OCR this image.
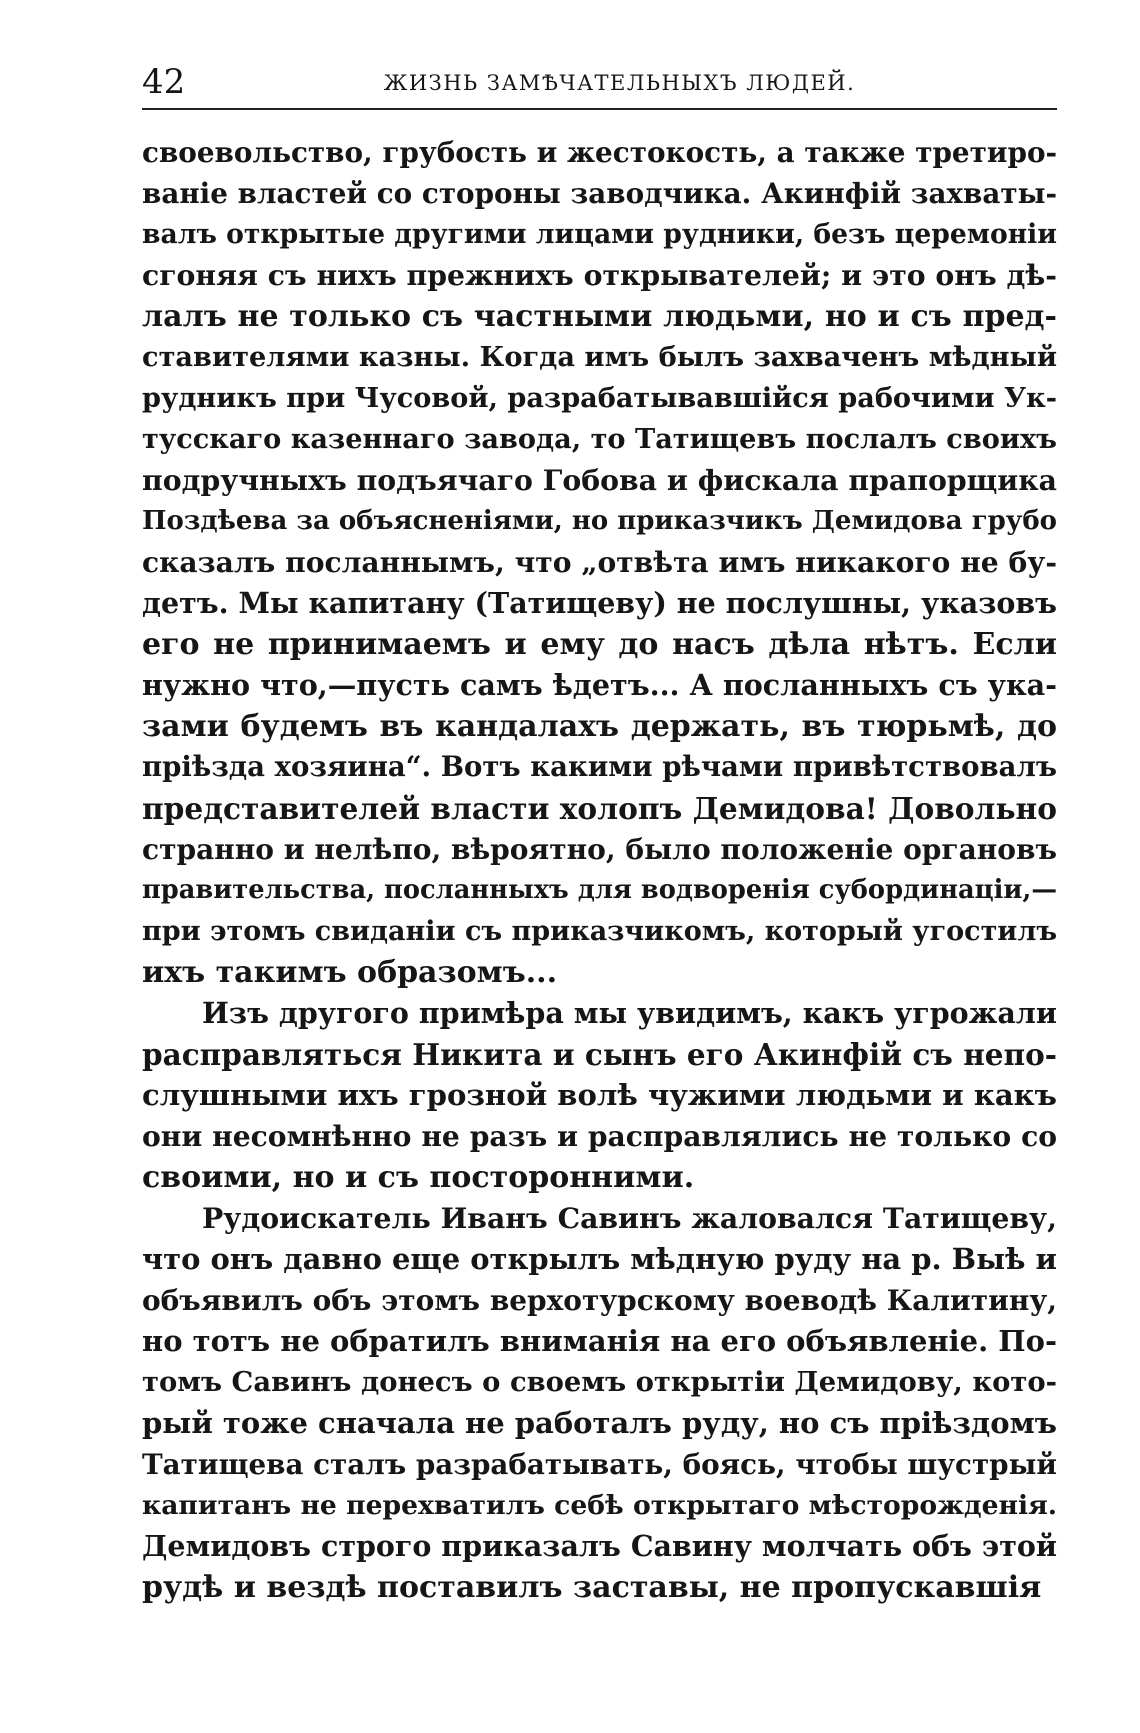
42	ЖИЗНЬ ЗАМѢЧАТЕЛЬНЫХЪ ЛЮДЕЙ.
своевольство, грубость и жестокость, а также третиро-
ваніе властей со стороны заводчика. Акинфій захваты-
валъ открытые другими лицами рудники, безъ церемоніи
сгоняя съ нихъ прежнихъ открывателей; и это онъ дѣ-
лалъ не только съ частными людьми, но и съ пред-
ставителями казны. Когда имъ былъ захваченъ мѣдный
рудникъ при Чусовой, разрабатывавшійся рабочими Ук-
тусскаго казеннаго завода, то Татищевъ послалъ своихъ
подручныхъ подъячаго Гобова и фискала прапорщика
Поздѣева за объясненіями, но приказчикъ Демидова грубо
сказалъ посланнымъ, что „отвѣта имъ никакого не бу-
детъ. Мы капитану (Татищеву) не послушны, указовъ
его не принимаемъ и ему до насъ дѣла нѣтъ. Если
нужно что,—пусть самъ ѣдетъ... А посланныхъ съ ука-
зами будемъ въ кандалахъ держать, въ тюрьмѣ, до
пріѣзда хозяина“. Вотъ какими рѣчами привѣтствовалъ
представителей власти холопъ Демидова! Довольно
странно и нелѣпо, вѣроятно, было положеніе органовъ
правительства, посланныхъ для водворенія субординаціи,—
при этомъ свиданіи съ приказчикомъ, который угостилъ
ихъ такимъ образомъ...
Изъ другого примѣра мы увидимъ, какъ угрожали
расправляться Никита и сынъ его Акинфій съ непо-
слушными ихъ грозной волѣ чужими людьми и какъ
они несомнѣнно не разъ и расправлялись не только со
своими, но и съ посторонними.
Рудоискатель Иванъ Савинъ жаловался Татищеву,
что онъ давно еще открылъ мѣдную руду на р. Выѣ и
объявилъ объ этомъ верхотурскому воеводѣ Калитину,
но тотъ не обратилъ вниманія на его объявленіе. По-
томъ Савинъ донесъ о своемъ открытіи Демидову, кото-
рый тоже сначала не работалъ руду, но съ пріѣздомъ
Татищева сталъ разрабатывать, боясь, чтобы шустрый
капитанъ не перехватилъ себѣ открытаго мѣсторожденія.
Демидовъ строго приказалъ Савину молчать объ этой
рудѣ и вездѣ поставилъ заставы, не пропускавшія
